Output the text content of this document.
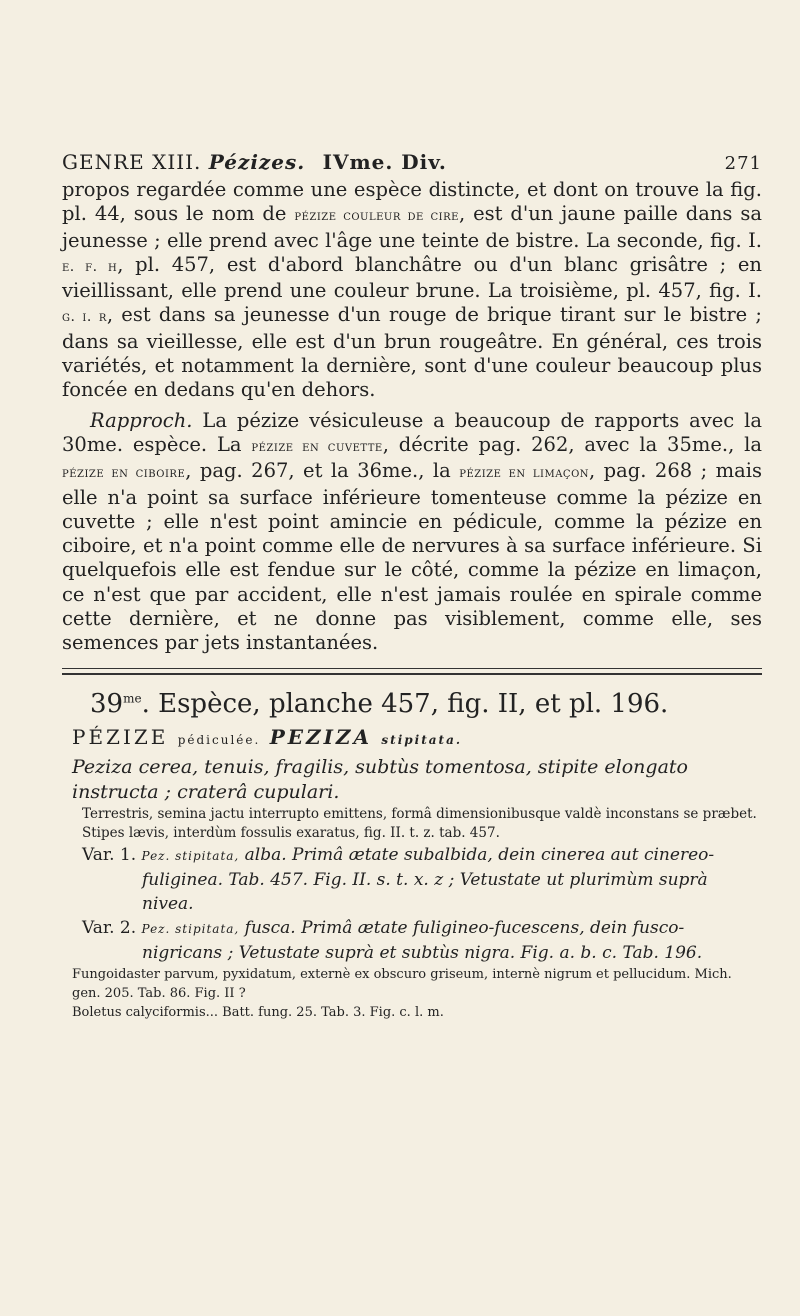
GENRE XIII. Pézizes. IVme. Div.	271

propos regardée comme une espèce distincte, et dont on trouve la fig. pl. 44, sous le nom de pézize couleur de cire, est d'un jaune paille dans sa jeunesse ; elle prend avec l'âge une teinte de bistre. La seconde, fig. I. e. f. h, pl. 457, est d'abord blanchâtre ou d'un blanc grisâtre ; en vieillissant, elle prend une couleur brune. La troisième, pl. 457, fig. I. g. i. r, est dans sa jeunesse d'un rouge de brique tirant sur le bistre ; dans sa vieillesse, elle est d'un brun rougeâtre. En général, ces trois variétés, et notamment la dernière, sont d'une couleur beaucoup plus foncée en dedans qu'en dehors.

Rapproch. La pézize vésiculeuse a beaucoup de rapports avec la 30me. espèce. La pézize en cuvette, décrite pag. 262, avec la 35me., la pézize en ciboire, pag. 267, et la 36me., la pézize en limaçon, pag. 268 ; mais elle n'a point sa surface inférieure tomenteuse comme la pézize en cuvette ; elle n'est point amincie en pédicule, comme la pézize en ciboire, et n'a point comme elle de nervures à sa surface inférieure. Si quelquefois elle est fendue sur le côté, comme la pézize en limaçon, ce n'est que par accident, elle n'est jamais roulée en spirale comme cette dernière, et ne donne pas visiblement, comme elle, ses semences par jets instantanées.

$39^{me}$. Espèce, planche 457, fig. II, et pl. 196.
PÉZIZE pédiculée. PEZIZA stipitata.

Peziza cerea, tenuis, fragilis, subtùs tomentosa, stipite elongato instructa ; craterâ cupulari.

Terrestris, semina jactu interrupto emittens, formâ dimensionibusque valdè inconstans se præbet. Stipes lævis, interdùm fossulis exaratus, fig. II. t. z. tab. 457.

Var. 1. Pez. stipitata, alba. Primâ ætate subalbida, dein cinerea aut cinereo-fuliginea. Tab. 457. Fig. II. s. t. x. z ; Vetustate ut plurimùm suprà nivea.

Var. 2. Pez. stipitata, fusca. Primâ ætate fuligineo-fucescens, dein fusco-nigricans ; Vetustate suprà et subtùs nigra. Fig. a. b. c. Tab. 196.

Fungoidaster parvum, pyxidatum, externè ex obscuro griseum, internè nigrum et pellucidum. Mich. gen. 205. Tab. 86. Fig. II ?

Boletus calyciformis... Batt. fung. 25. Tab. 3. Fig. c. l. m.
